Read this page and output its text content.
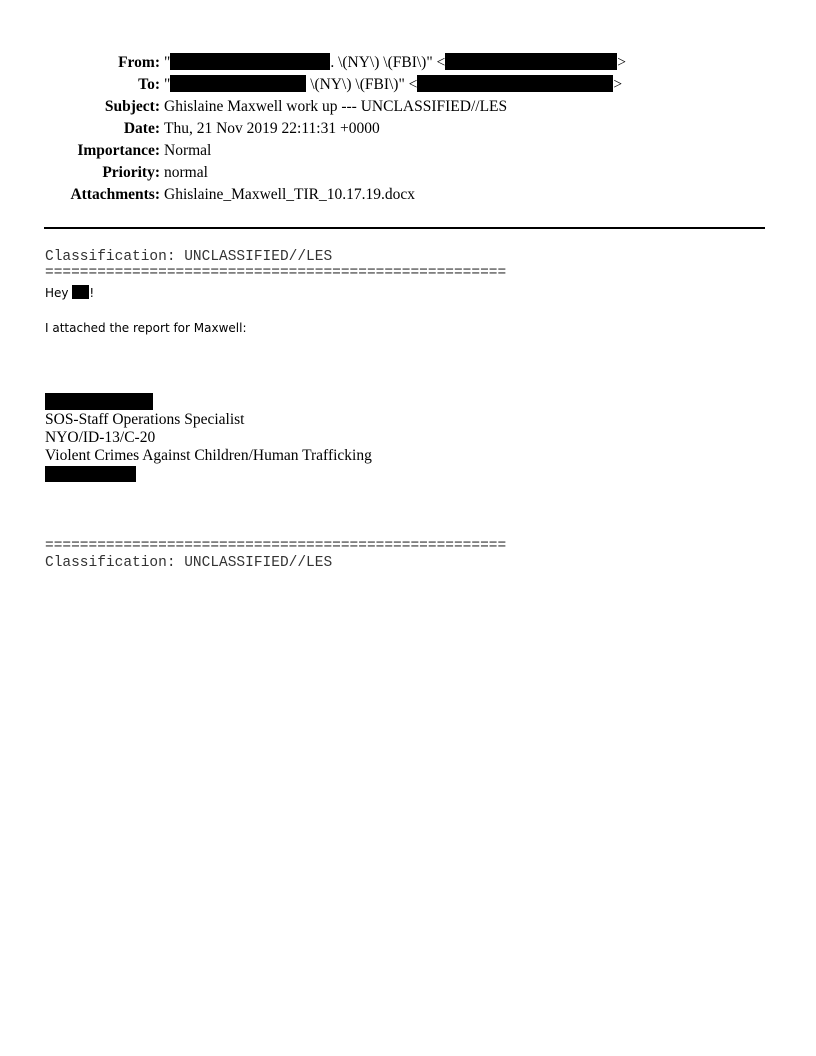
From: "	. \(NY\) \(FBI\)" <	>
To: "	\(NY\) \(FBI\)" <	>
Subject: Ghislaine Maxwell work up --- UNCLASSIFIED//LES
Date: Thu, 21 Nov 2019 22:11:31 +0000
Importance: Normal
Priority: normal
Attachments: Ghislaine_Maxwell_TIR_10.17.19.docx
Classification: UNCLASSIFIED//LES
=====================================================
Hey !
I attached the report for Maxwell:
SOS-Staff Operations Specialist
NYO/ID-13/C-20
Violent Crimes Against Children/Human Trafficking
=====================================================
Classification: UNCLASSIFIED//LES
